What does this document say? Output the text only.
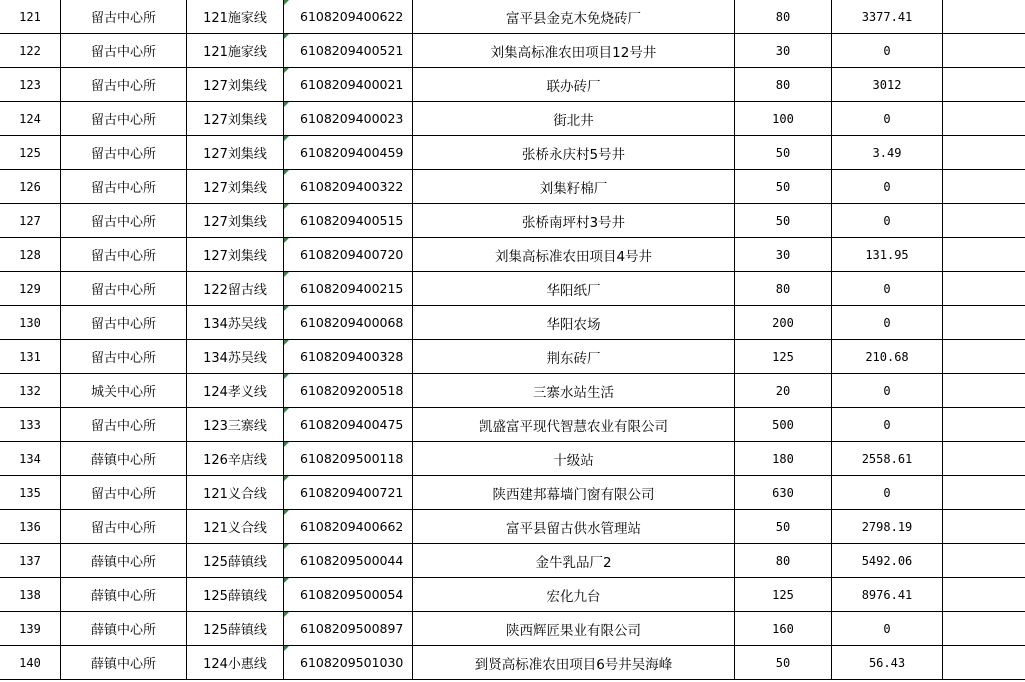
121	留古中心所	121施家线	6108209400622	富平县金克木免烧砖厂	80	3377.41	
122	留古中心所	121施家线	6108209400521	刘集高标准农田项目12号井	30	0	
123	留古中心所	127刘集线	6108209400021	联办砖厂	80	3012	
124	留古中心所	127刘集线	6108209400023	街北井	100	0	
125	留古中心所	127刘集线	6108209400459	张桥永庆村5号井	50	3.49	
126	留古中心所	127刘集线	6108209400322	刘集籽棉厂	50	0	
127	留古中心所	127刘集线	6108209400515	张桥南坪村3号井	50	0	
128	留古中心所	127刘集线	6108209400720	刘集高标准农田项目4号井	30	131.95	
129	留古中心所	122留古线	6108209400215	华阳纸厂	80	0	
130	留古中心所	134苏吴线	6108209400068	华阳农场	200	0	
131	留古中心所	134苏吴线	6108209400328	荆东砖厂	125	210.68	
132	城关中心所	124孝义线	6108209200518	三寨水站生活	20	0	
133	留古中心所	123三寨线	6108209400475	凯盛富平现代智慧农业有限公司	500	0	
134	薛镇中心所	126辛店线	6108209500118	十级站	180	2558.61	
135	留古中心所	121义合线	6108209400721	陕西建邦幕墙门窗有限公司	630	0	
136	留古中心所	121义合线	6108209400662	富平县留古供水管理站	50	2798.19	
137	薛镇中心所	125薛镇线	6108209500044	金牛乳品厂2	80	5492.06	
138	薛镇中心所	125薛镇线	6108209500054	宏化九台	125	8976.41	
139	薛镇中心所	125薛镇线	6108209500897	陕西辉匠果业有限公司	160	0	
140	薛镇中心所	124小惠线	6108209501030	到贤高标准农田项目6号井吴海峰	50	56.43	
